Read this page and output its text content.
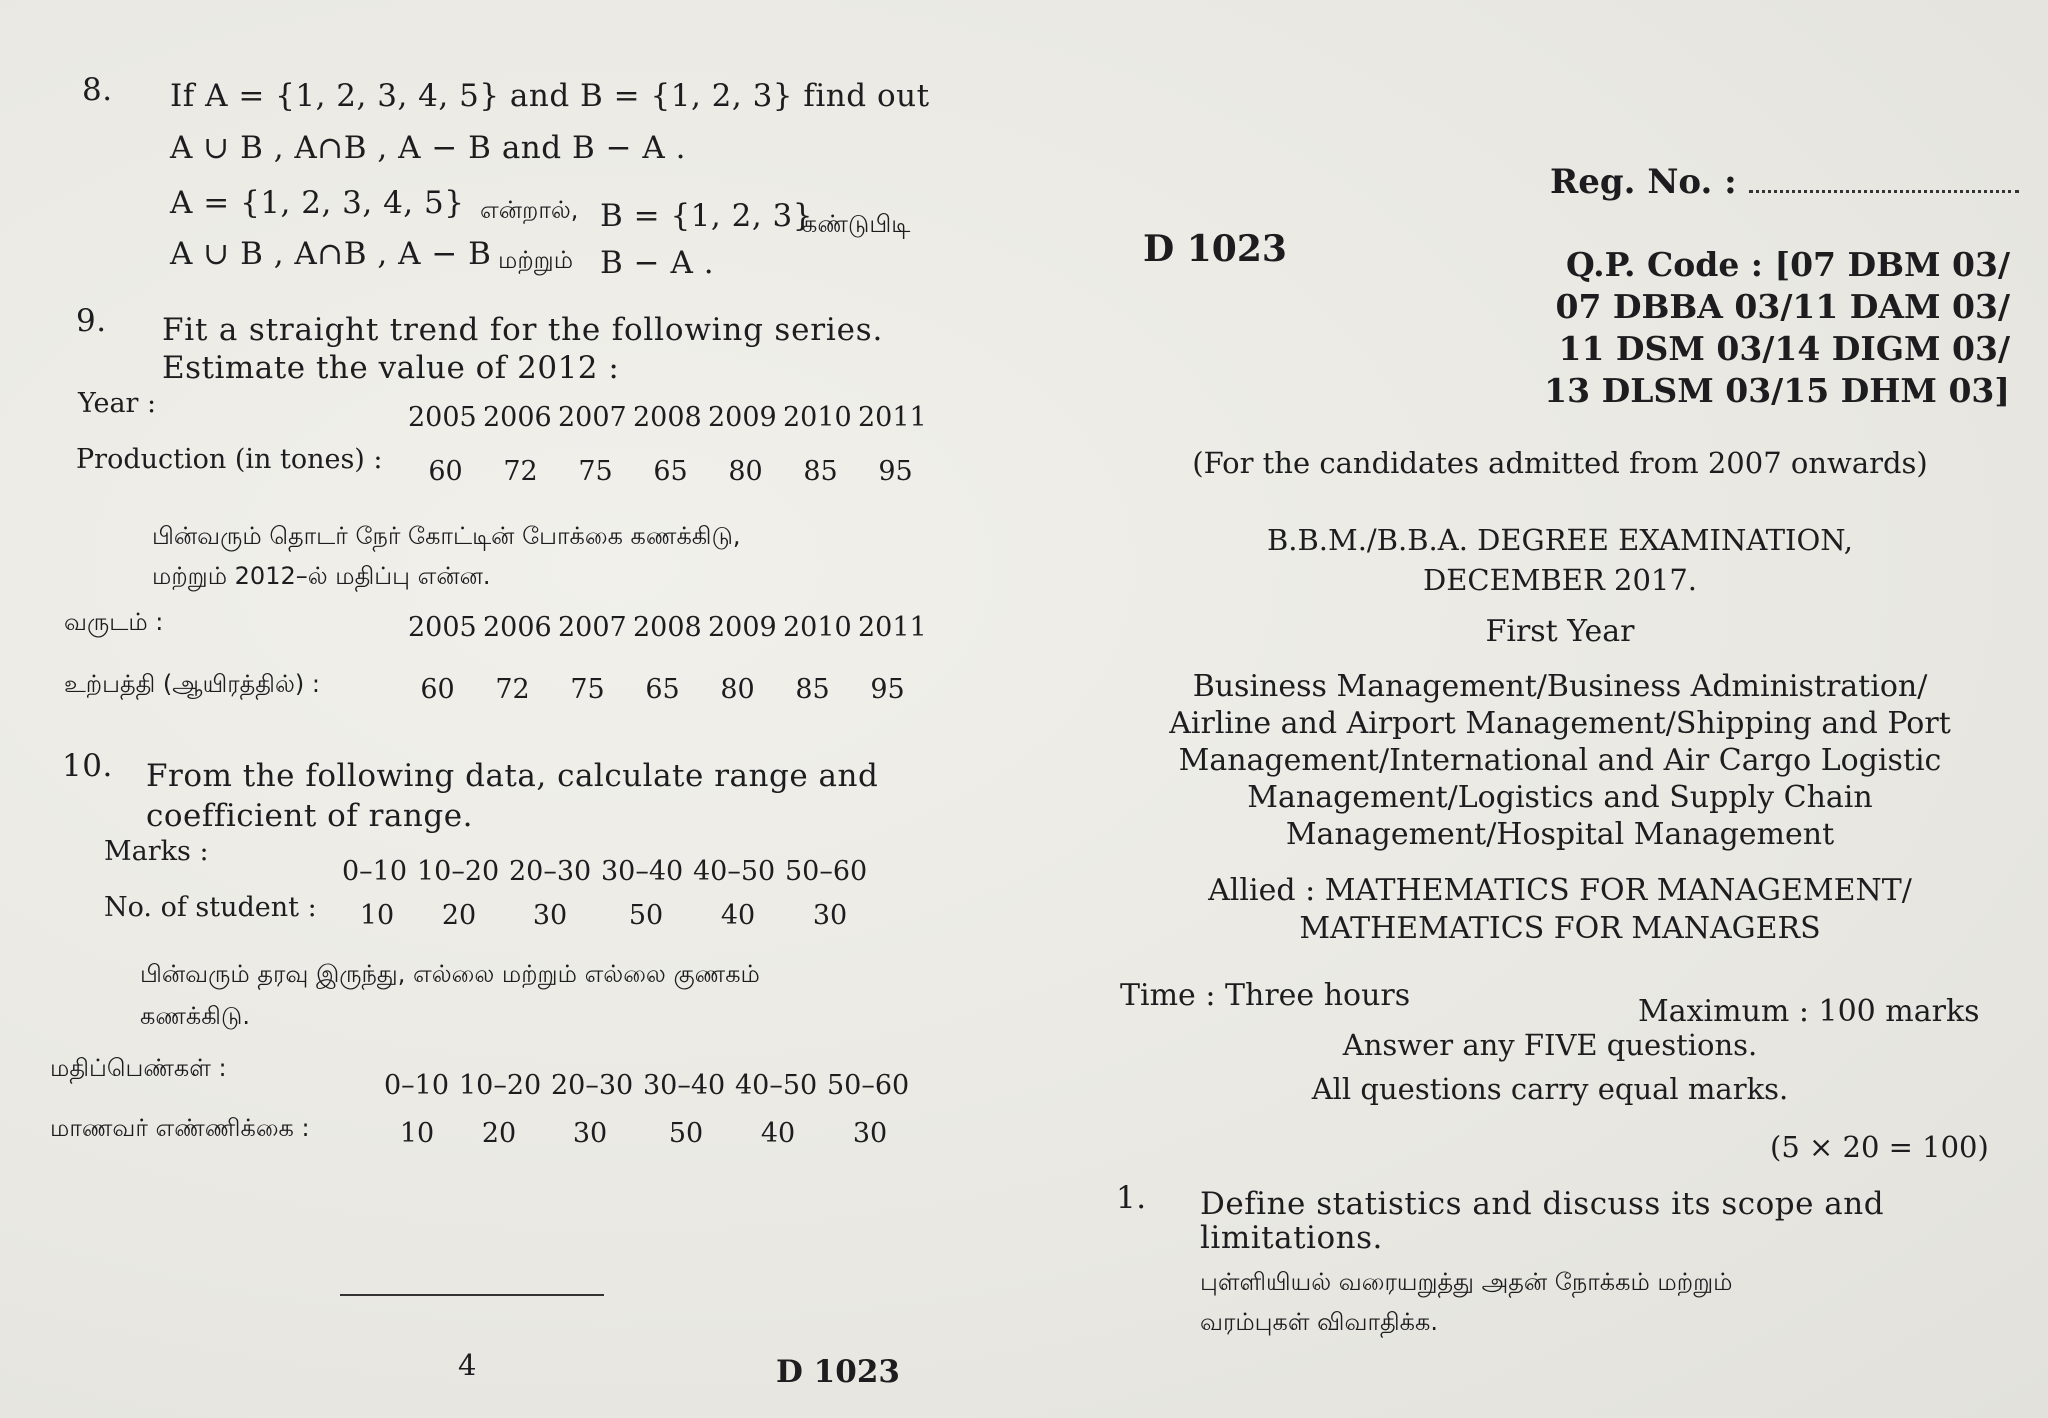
8. If A = {1, 2, 3, 4, 5} and B = {1, 2, 3} find out
A ∪ B , A∩B , A − B and B − A .
A = {1, 2, 3, 4, 5} என்றால், B = {1, 2, 3}
கண்டுபிடி
A ∪ B , A∩B , A − B மற்றும் B − A .
9. Fit a straight trend for the following series.
Estimate the value of 2012 :
Year :	2005 2006 2007 2008 2009 2010 2011
Production (in tones) :	60	72	75	65	80	85	95
பின்வரும் தொடர் நேர் கோட்டின் போக்கை கணக்கிடு,
மற்றும் 2012–ல் மதிப்பு என்ன.
வருடம் :	2005 2006 2007 2008 2009 2010 2011
உற்பத்தி (ஆயிரத்தில்) :	60	72	75	65	80	85	95
10. From the following data, calculate range and
coefficient of range.
Marks :
0–10 10–20 20–30 30–40 40–50 50–60
No. of student :	10	20	30	50	40	30
பின்வரும் தரவு இருந்து, எல்லை மற்றும் எல்லை குணகம்
கணக்கிடு.
மதிப்பெண்கள் :
0–10 10–20 20–30 30–40 40–50 50–60
மாணவர் எண்ணிக்கை :	10	20	30	50	40	30
4	D 1023
Reg. No. :
D 1023	Q.P. Code : [07 DBM 03/
07 DBBA 03/11 DAM 03/
11 DSM 03/14 DIGM 03/
13 DLSM 03/15 DHM 03]
(For the candidates admitted from 2007 onwards)
B.B.M./B.B.A. DEGREE EXAMINATION,
DECEMBER 2017.
First Year
Business Management/Business Administration/
Airline and Airport Management/Shipping and Port
Management/International and Air Cargo Logistic
Management/Logistics and Supply Chain
Management/Hospital Management
Allied : MATHEMATICS FOR MANAGEMENT/
MATHEMATICS FOR MANAGERS
Time : Three hours	Maximum : 100 marks
Answer any FIVE questions.
All questions carry equal marks.
(5 × 20 = 100)
1. Define statistics and discuss its scope and
limitations.
புள்ளியியல் வரையறுத்து அதன் நோக்கம் மற்றும்
வரம்புகள் விவாதிக்க.
